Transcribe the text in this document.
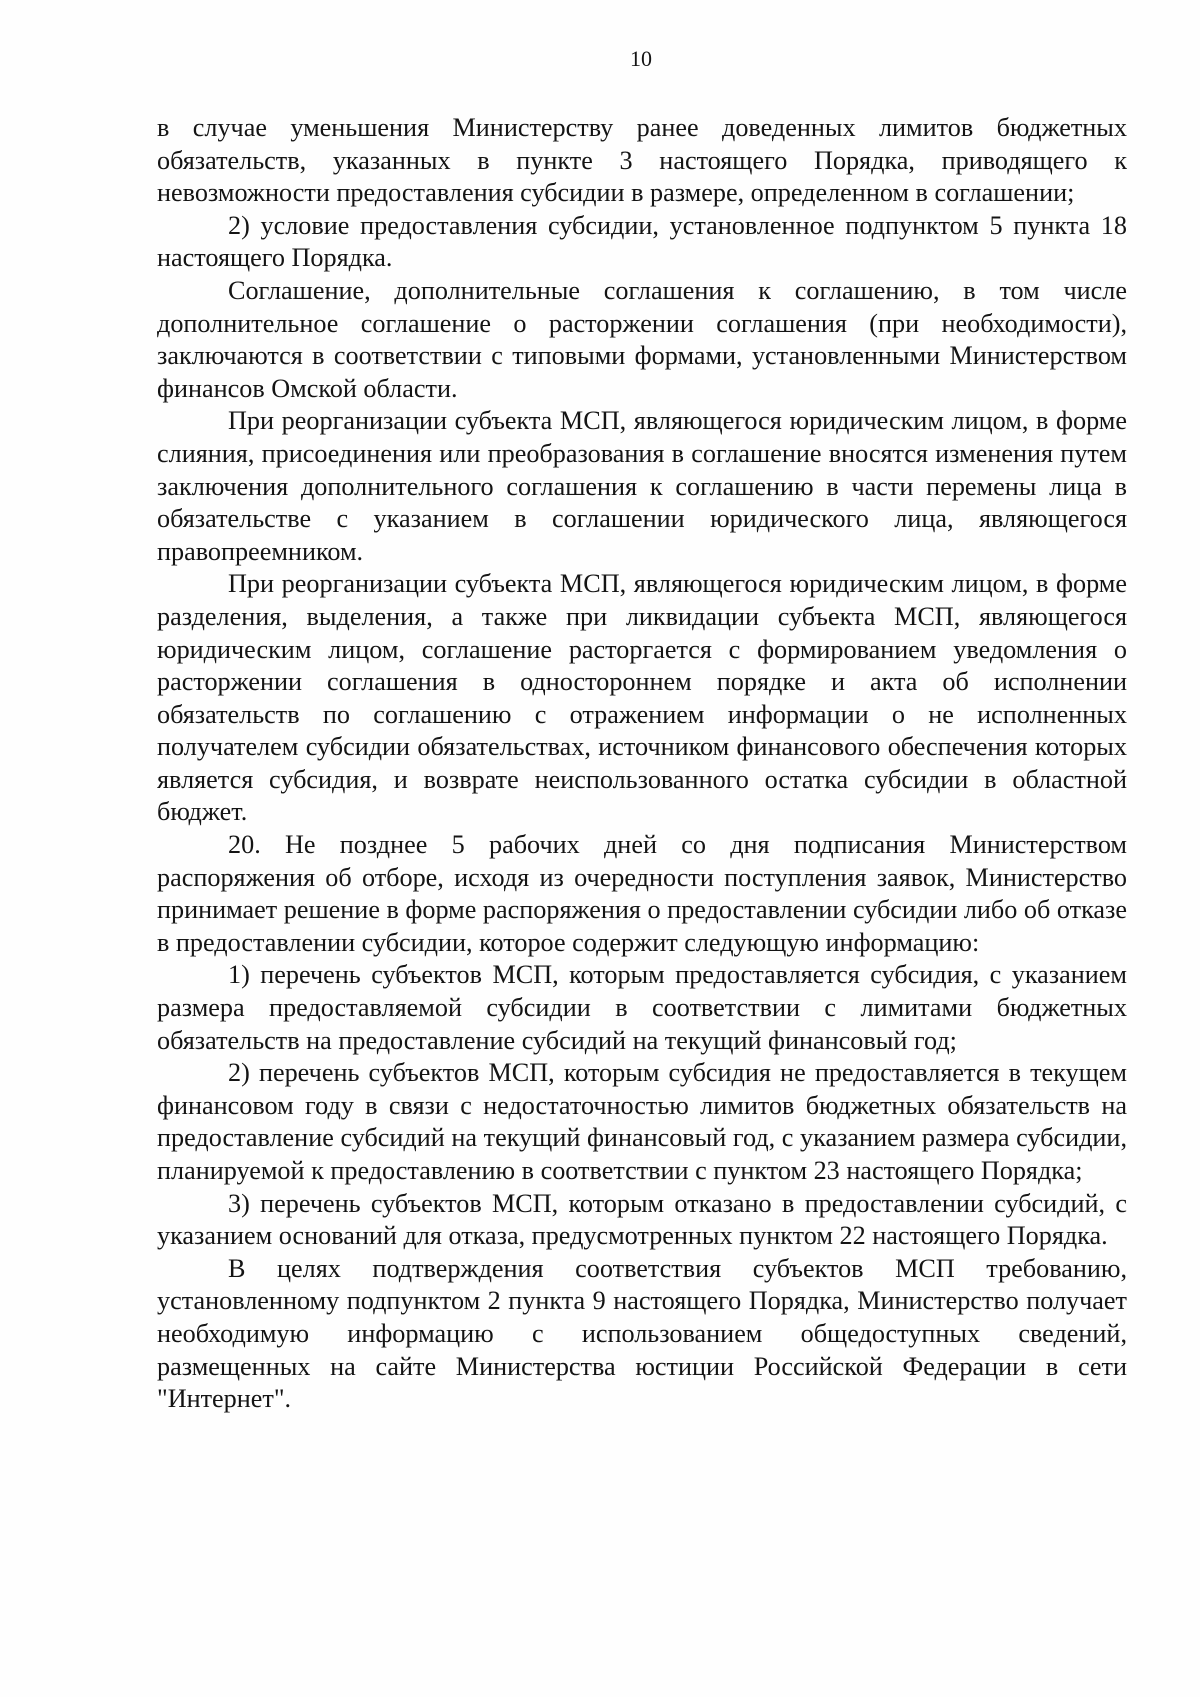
10

в случае уменьшения Министерству ранее доведенных лимитов бюджетных обязательств, указанных в пункте 3 настоящего Порядка, приводящего к невозможности предоставления субсидии в размере, определенном в соглашении;

2) условие предоставления субсидии, установленное подпунктом 5 пункта 18 настоящего Порядка.

Соглашение, дополнительные соглашения к соглашению, в том числе дополнительное соглашение о расторжении соглашения (при необходимости), заключаются в соответствии с типовыми формами, установленными Министерством финансов Омской области.

При реорганизации субъекта МСП, являющегося юридическим лицом, в форме слияния, присоединения или преобразования в соглашение вносятся изменения путем заключения дополнительного соглашения к соглашению в части перемены лица в обязательстве с указанием в соглашении юридического лица, являющегося правопреемником.

При реорганизации субъекта МСП, являющегося юридическим лицом, в форме разделения, выделения, а также при ликвидации субъекта МСП, являющегося юридическим лицом, соглашение расторгается с формированием уведомления о расторжении соглашения в одностороннем порядке и акта об исполнении обязательств по соглашению с отражением информации о не исполненных получателем субсидии обязательствах, источником финансового обеспечения которых является субсидия, и возврате неиспользованного остатка субсидии в областной бюджет.

20. Не позднее 5 рабочих дней со дня подписания Министерством распоряжения об отборе, исходя из очередности поступления заявок, Министерство принимает решение в форме распоряжения о предоставлении субсидии либо об отказе в предоставлении субсидии, которое содержит следующую информацию:

1) перечень субъектов МСП, которым предоставляется субсидия, с указанием размера предоставляемой субсидии в соответствии с лимитами бюджетных обязательств на предоставление субсидий на текущий финансовый год;

2) перечень субъектов МСП, которым субсидия не предоставляется в текущем финансовом году в связи с недостаточностью лимитов бюджетных обязательств на предоставление субсидий на текущий финансовый год, с указанием размера субсидии, планируемой к предоставлению в соответствии с пунктом 23 настоящего Порядка;

3) перечень субъектов МСП, которым отказано в предоставлении субсидий, с указанием оснований для отказа, предусмотренных пунктом 22 настоящего Порядка.

В целях подтверждения соответствия субъектов МСП требованию, установленному подпунктом 2 пункта 9 настоящего Порядка, Министерство получает необходимую информацию с использованием общедоступных сведений, размещенных на сайте Министерства юстиции Российской Федерации в сети "Интернет".
